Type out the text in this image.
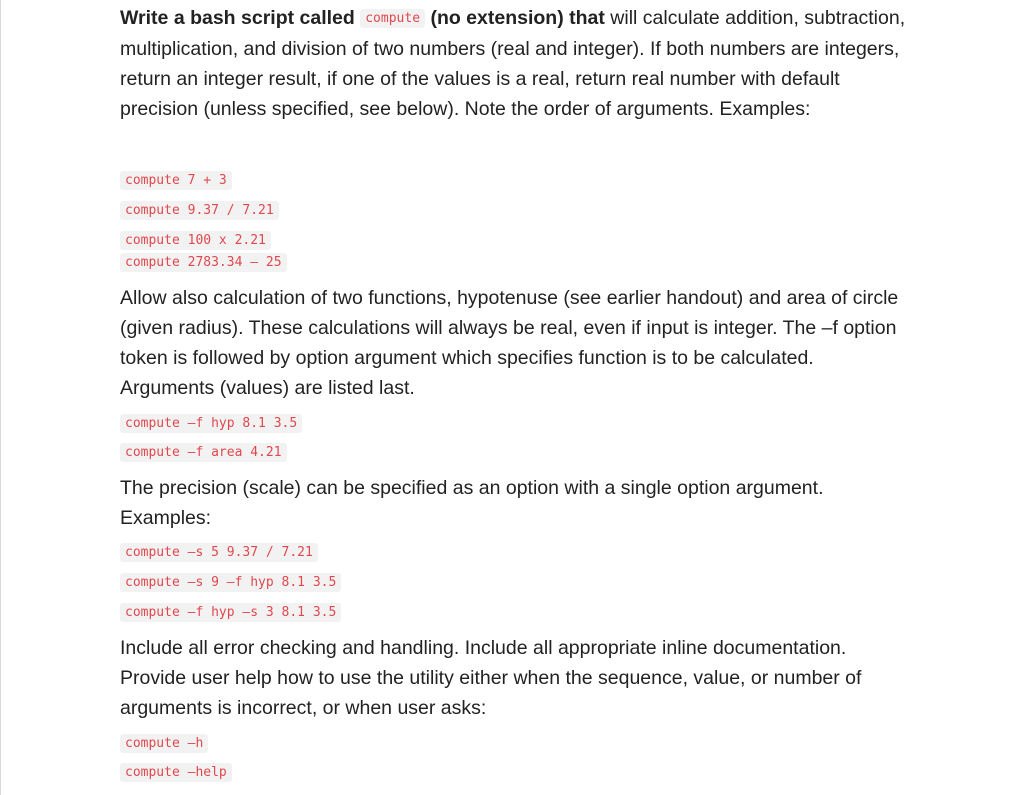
Write a bash script called compute (no extension) that will calculate addition, subtraction, multiplication, and division of two numbers (real and integer). If both numbers are integers, return an integer result, if one of the values is a real, return real number with default precision (unless specified, see below). Note the order of arguments. Examples:

compute 7 + 3
compute 9.37 / 7.21
compute 100 x 2.21
compute 2783.34 – 25

Allow also calculation of two functions, hypotenuse (see earlier handout) and area of circle (given radius). These calculations will always be real, even if input is integer. The –f option token is followed by option argument which specifies function is to be calculated. Arguments (values) are listed last.

compute –f hyp 8.1 3.5
compute –f area 4.21

The precision (scale) can be specified as an option with a single option argument. Examples:

compute –s 5 9.37 / 7.21
compute –s 9 –f hyp 8.1 3.5
compute –f hyp –s 3 8.1 3.5

Include all error checking and handling. Include all appropriate inline documentation. Provide user help how to use the utility either when the sequence, value, or number of arguments is incorrect, or when user asks:

compute –h
compute –help
